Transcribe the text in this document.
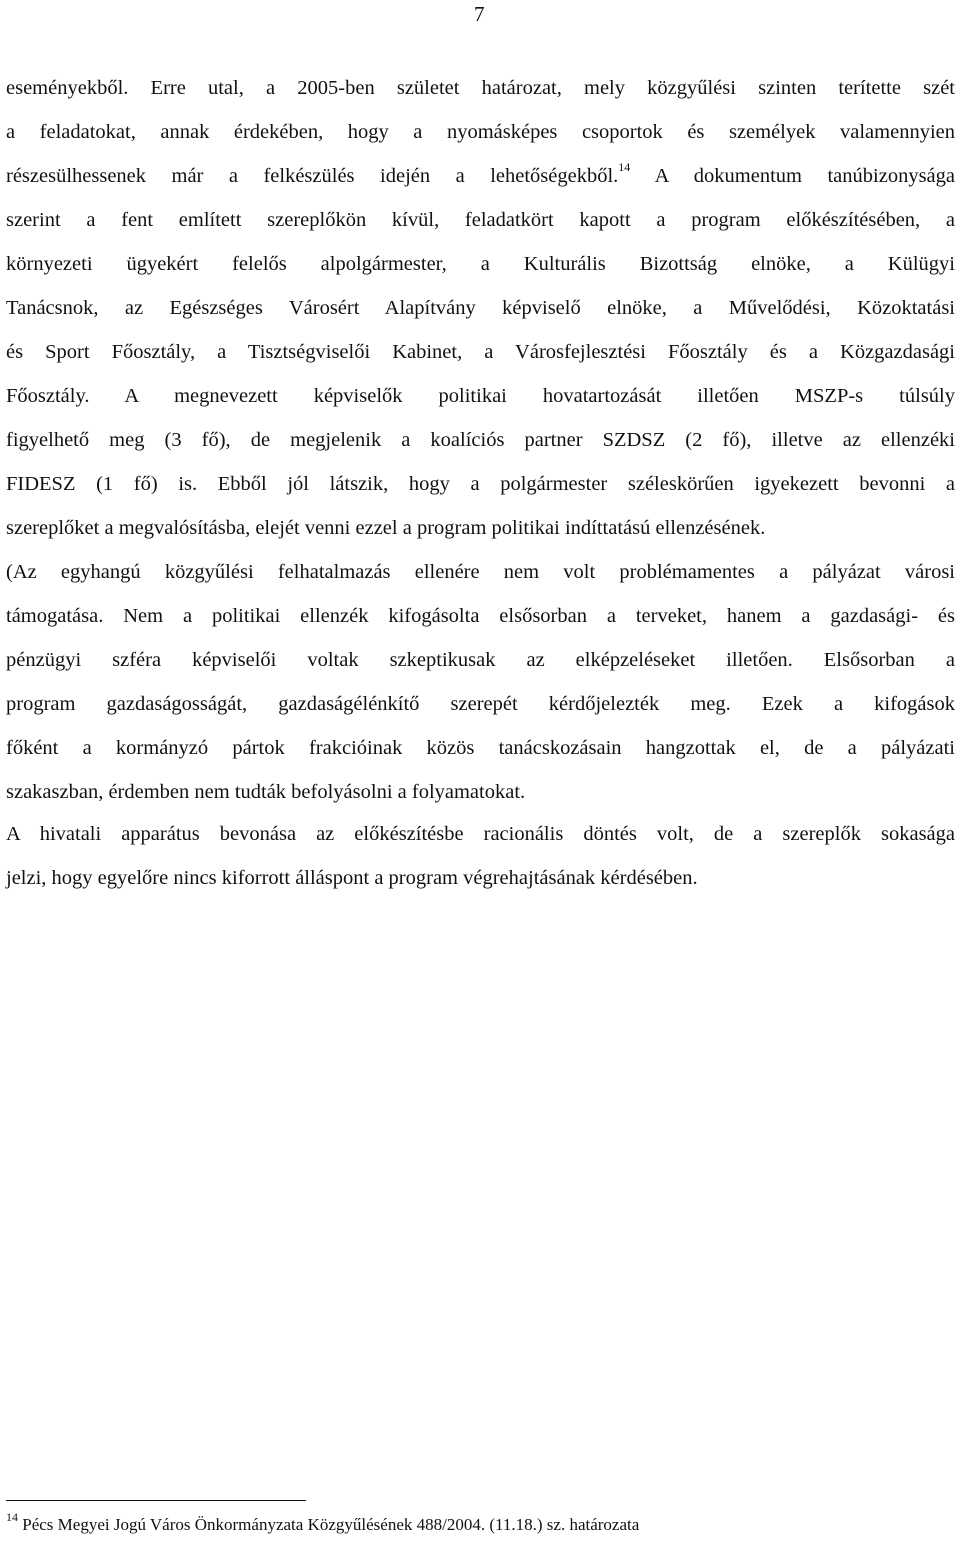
7
eseményekből. Erre utal, a 2005-ben születet határozat, mely közgyűlési szinten terítette szét
a feladatokat, annak érdekében, hogy a nyomásképes csoportok és személyek valamennyien
részesülhessenek már a felkészülés idején a lehetőségekből.$^{14}$ A dokumentum tanúbizonysága
szerint a fent említett szereplőkön kívül, feladatkört kapott a program előkészítésében, a
környezeti ügyekért felelős alpolgármester, a Kulturális Bizottság elnöke, a Külügyi
Tanácsnok, az Egészséges Városért Alapítvány képviselő elnöke, a Művelődési, Közoktatási
és Sport Főosztály, a Tisztségviselői Kabinet, a Városfejlesztési Főosztály és a Közgazdasági
Főosztály. A megnevezett képviselők politikai hovatartozását illetően MSZP-s túlsúly
figyelhető meg (3 fő), de megjelenik a koalíciós partner SZDSZ (2 fő), illetve az ellenzéki
FIDESZ (1 fő) is. Ebből jól látszik, hogy a polgármester széleskörűen igyekezett bevonni a
szereplőket a megvalósításba, elejét venni ezzel a program politikai indíttatású ellenzésének.
(Az egyhangú közgyűlési felhatalmazás ellenére nem volt problémamentes a pályázat városi
támogatása. Nem a politikai ellenzék kifogásolta elsősorban a terveket, hanem a gazdasági- és
pénzügyi szféra képviselői voltak szkeptikusak az elképzeléseket illetően. Elsősorban a
program gazdaságosságát, gazdaságélénkítő szerepét kérdőjelezték meg. Ezek a kifogások
főként a kormányzó pártok frakcióinak közös tanácskozásain hangzottak el, de a pályázati
szakaszban, érdemben nem tudták befolyásolni a folyamatokat.
A hivatali apparátus bevonása az előkészítésbe racionális döntés volt, de a szereplők sokasága
jelzi, hogy egyelőre nincs kiforrott álláspont a program végrehajtásának kérdésében.
$^{14}$ Pécs Megyei Jogú Város Önkormányzata Közgyűlésének 488/2004. (11.18.) sz. határozata
